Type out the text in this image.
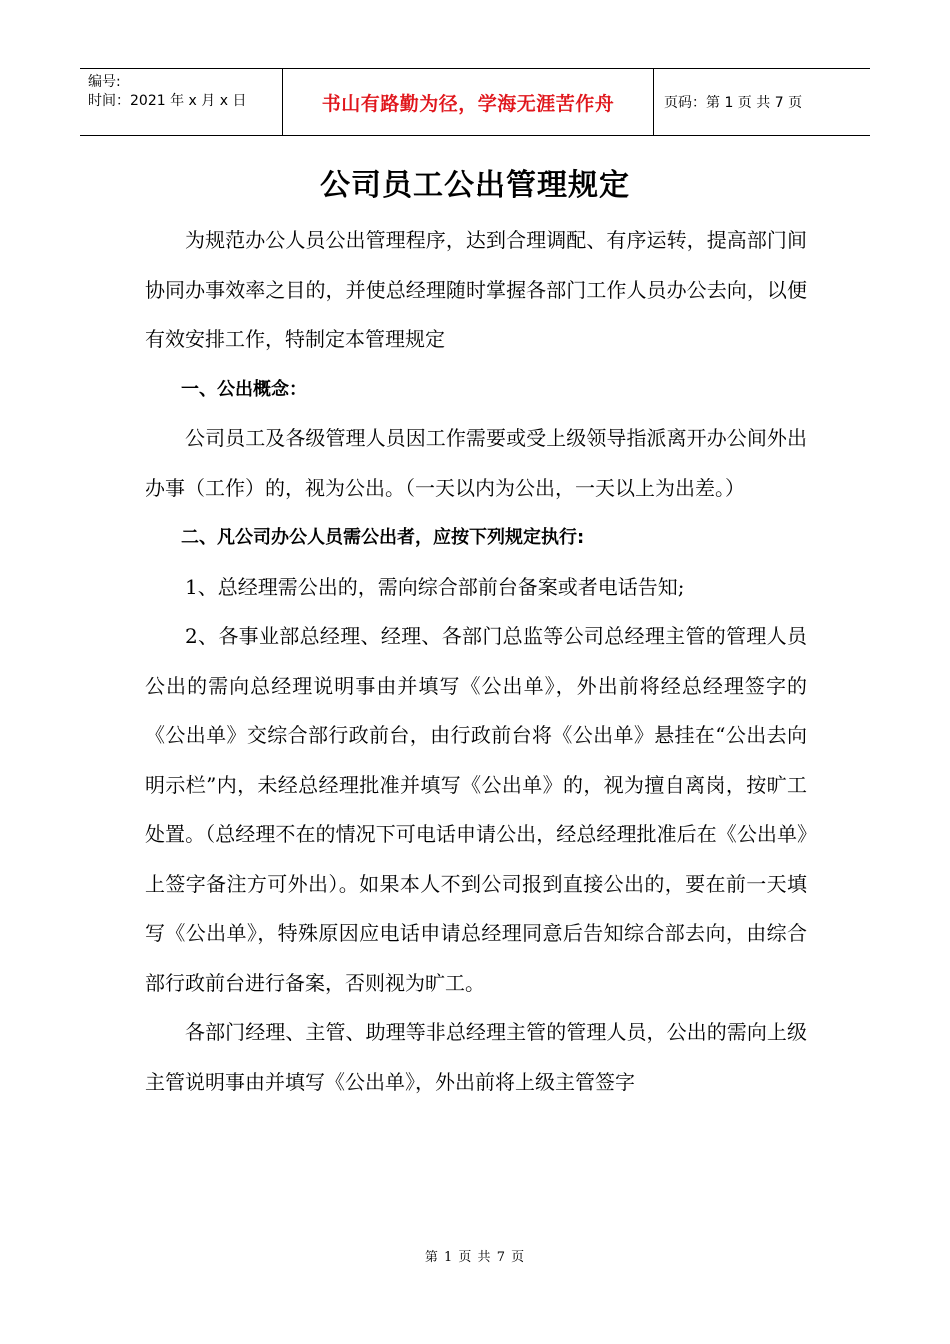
编号:
时间：2021 年 x 月 x 日	书山有路勤为径，学海无涯苦作舟	页码：第 1 页 共 7 页
公司员工公出管理规定

为规范办公人员公出管理程序，达到合理调配、有序运转，提高部门间协同办事效率之目的，并使总经理随时掌握各部门工作人员办公去向，以便有效安排工作，特制定本管理规定

一、公出概念：

公司员工及各级管理人员因工作需要或受上级领导指派离开办公间外出办事（工作）的，视为公出。（一天以内为公出，一天以上为出差。）

二、凡公司办公人员需公出者，应按下列规定执行:

1、总经理需公出的，需向综合部前台备案或者电话告知;

2、各事业部总经理、经理、各部门总监等公司总经理主管的管理人员公出的需向总经理说明事由并填写《公出单》，外出前将经总经理签字的《公出单》交综合部行政前台，由行政前台将《公出单》悬挂在“公出去向明示栏”内，未经总经理批准并填写《公出单》的，视为擅自离岗，按旷工处置。（总经理不在的情况下可电话申请公出，经总经理批准后在《公出单》上签字备注方可外出）。如果本人不到公司报到直接公出的，要在前一天填写《公出单》，特殊原因应电话申请总经理同意后告知综合部去向，由综合部行政前台进行备案，否则视为旷工。

各部门经理、主管、助理等非总经理主管的管理人员，公出的需向上级主管说明事由并填写《公出单》，外出前将上级主管签字

第 1 页 共 7 页
